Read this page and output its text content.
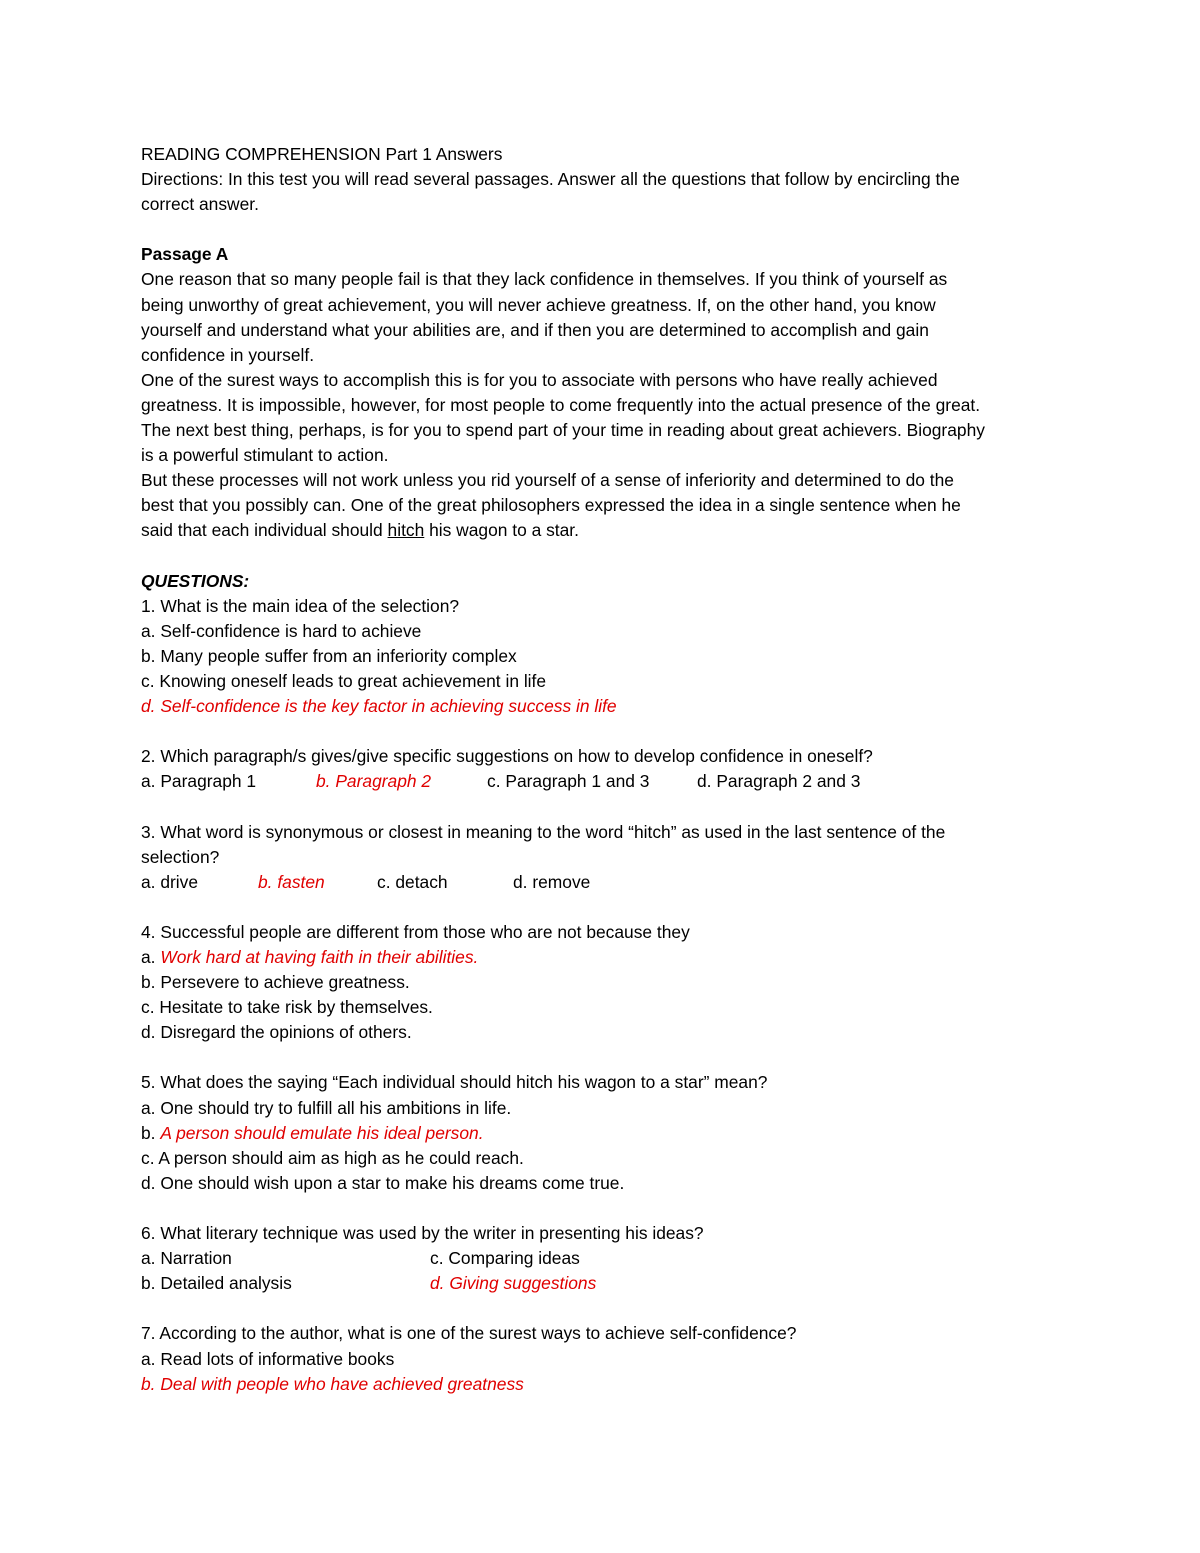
READING COMPREHENSION Part 1 Answers
Directions: In this test you will read several passages. Answer all the questions that follow by encircling the
correct answer.
Passage A
One reason that so many people fail is that they lack confidence in themselves. If you think of yourself as
being unworthy of great achievement, you will never achieve greatness. If, on the other hand, you know
yourself and understand what your abilities are, and if then you are determined to accomplish and gain
confidence in yourself.
One of the surest ways to accomplish this is for you to associate with persons who have really achieved
greatness. It is impossible, however, for most people to come frequently into the actual presence of the great.
The next best thing, perhaps, is for you to spend part of your time in reading about great achievers. Biography
is a powerful stimulant to action.
But these processes will not work unless you rid yourself of a sense of inferiority and determined to do the
best that you possibly can. One of the great philosophers expressed the idea in a single sentence when he
said that each individual should hitch his wagon to a star.
QUESTIONS:
1. What is the main idea of the selection?
a. Self-confidence is hard to achieve
b. Many people suffer from an inferiority complex
c. Knowing oneself leads to great achievement in life
d. Self-confidence is the key factor in achieving success in life
2. Which paragraph/s gives/give specific suggestions on how to develop confidence in oneself?
a. Paragraph 1	b. Paragraph 2	c. Paragraph 1 and 3	d. Paragraph 2 and 3
3. What word is synonymous or closest in meaning to the word “hitch” as used in the last sentence of the
selection?
a. drive	b. fasten	c. detach	d. remove
4. Successful people are different from those who are not because they
a. Work hard at having faith in their abilities.
b. Persevere to achieve greatness.
c. Hesitate to take risk by themselves.
d. Disregard the opinions of others.
5. What does the saying “Each individual should hitch his wagon to a star” mean?
a. One should try to fulfill all his ambitions in life.
b. A person should emulate his ideal person.
c. A person should aim as high as he could reach.
d. One should wish upon a star to make his dreams come true.
6. What literary technique was used by the writer in presenting his ideas?
a. Narration	c. Comparing ideas
b. Detailed analysis	d. Giving suggestions
7. According to the author, what is one of the surest ways to achieve self-confidence?
a. Read lots of informative books
b. Deal with people who have achieved greatness
